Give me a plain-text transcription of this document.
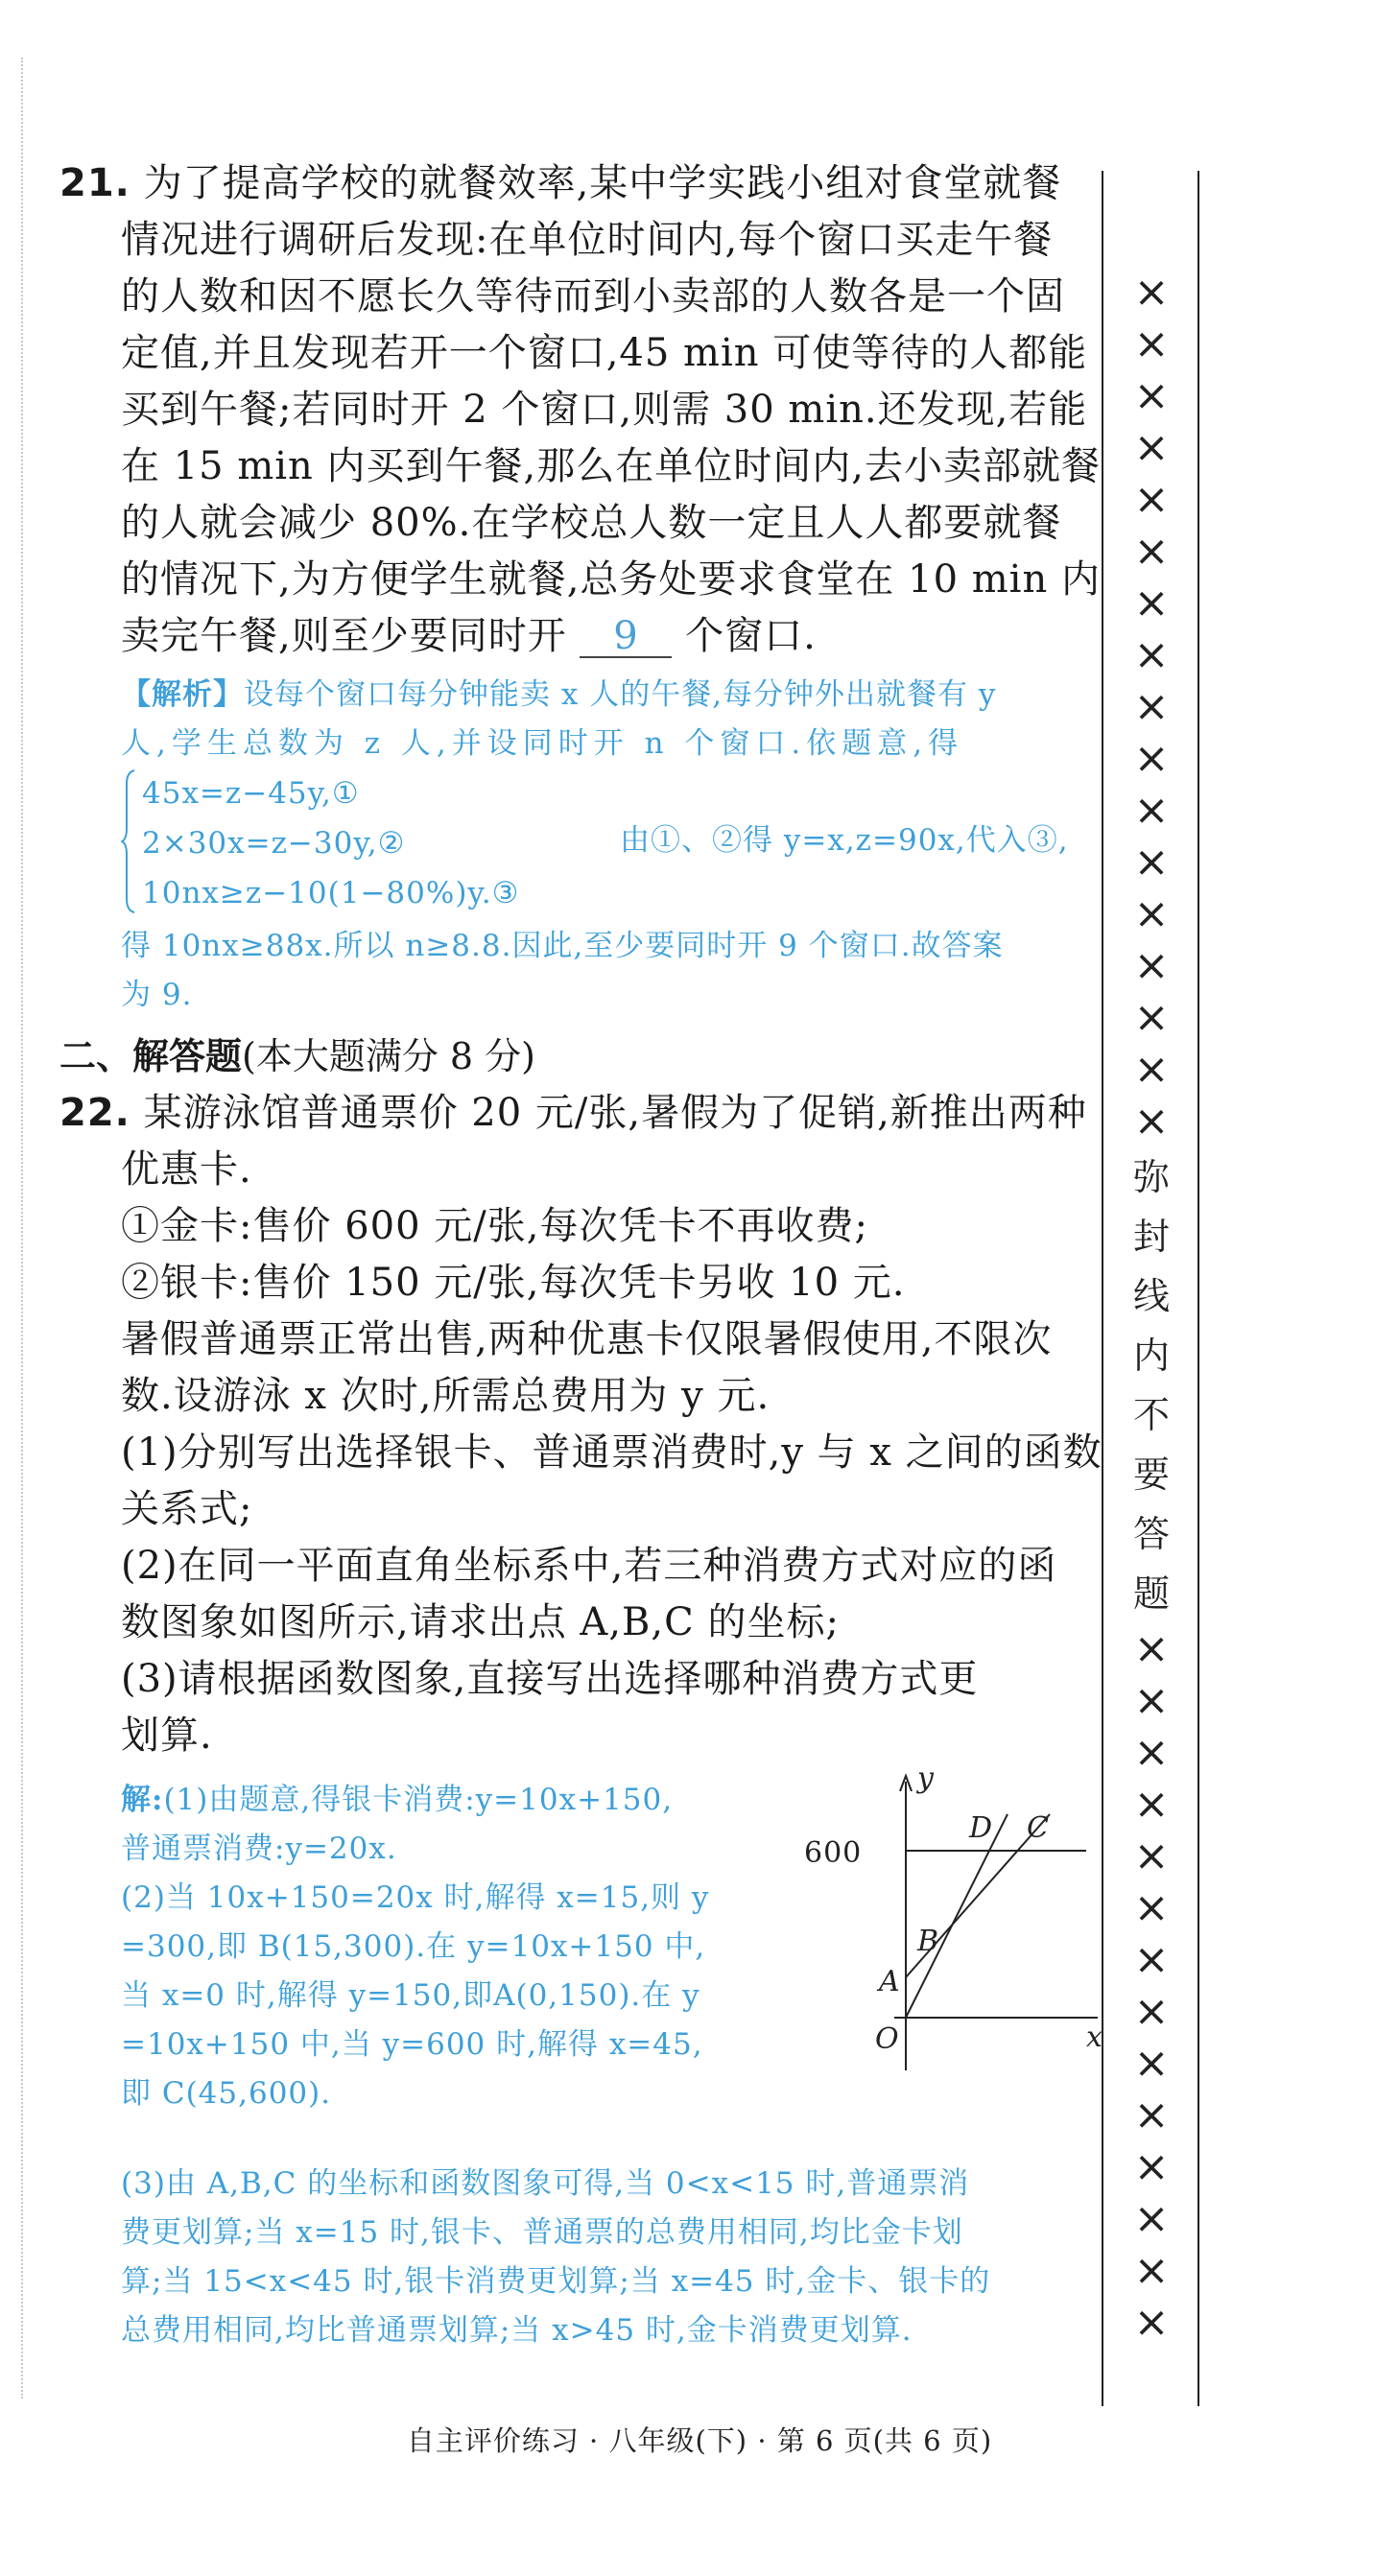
21. 为了提高学校的就餐效率,某中学实践小组对食堂就餐
情况进行调研后发现:在单位时间内,每个窗口买走午餐
的人数和因不愿长久等待而到小卖部的人数各是一个固
定值,并且发现若开一个窗口,45 min 可使等待的人都能
买到午餐;若同时开 2 个窗口,则需 30 min.还发现,若能
在 15 min 内买到午餐,那么在单位时间内,去小卖部就餐
的人就会减少 80%.在学校总人数一定且人人都要就餐
的情况下,为方便学生就餐,总务处要求食堂在 10 min 内
卖完午餐,则至少要同时开 9 个窗口.
【解析】设每个窗口每分钟能卖 x 人的午餐,每分钟外出就餐有 y
人,学生总数为 z 人,并设同时开 n 个窗口.依题意,得
45x=z−45y,①
2×30x=z−30y,②
10nx≥z−10(1−80%)y.③
由①、②得 y=x,z=90x,代入③,
得 10nx≥88x.所以 n≥8.8.因此,至少要同时开 9 个窗口.故答案
为 9.
二、解答题(本大题满分 8 分)
22. 某游泳馆普通票价 20 元/张,暑假为了促销,新推出两种
优惠卡.
①金卡:售价 600 元/张,每次凭卡不再收费;
②银卡:售价 150 元/张,每次凭卡另收 10 元.
暑假普通票正常出售,两种优惠卡仅限暑假使用,不限次
数.设游泳 x 次时,所需总费用为 y 元.
(1)分别写出选择银卡、普通票消费时,y 与 x 之间的函数
关系式;
(2)在同一平面直角坐标系中,若三种消费方式对应的函
数图象如图所示,请求出点 A,B,C 的坐标;
(3)请根据函数图象,直接写出选择哪种消费方式更
划算.
解:(1)由题意,得银卡消费:y=10x+150,
普通票消费:y=20x.
(2)当 10x+150=20x 时,解得 x=15,则 y
=300,即 B(15,300).在 y=10x+150 中,
当 x=0 时,解得 y=150,即A(0,150).在 y
=10x+150 中,当 y=600 时,解得 x=45,
即 C(45,600).
y
x
O
600
A
B
D C
(3)由 A,B,C 的坐标和函数图象可得,当 0<x<15 时,普通票消
费更划算;当 x=15 时,银卡、普通票的总费用相同,均比金卡划
算;当 15<x<45 时,银卡消费更划算;当 x=45 时,金卡、银卡的
总费用相同,均比普通票划算;当 x>45 时,金卡消费更划算.
×
×
×
×
×
×
×
×
×
×
×
×
×
×
×
×
×
弥
封
线
内
不
要
答
题
×
×
×
×
×
×
×
×
×
×
×
×
×
×
自主评价练习 · 八年级(下) · 第 6 页(共 6 页)
